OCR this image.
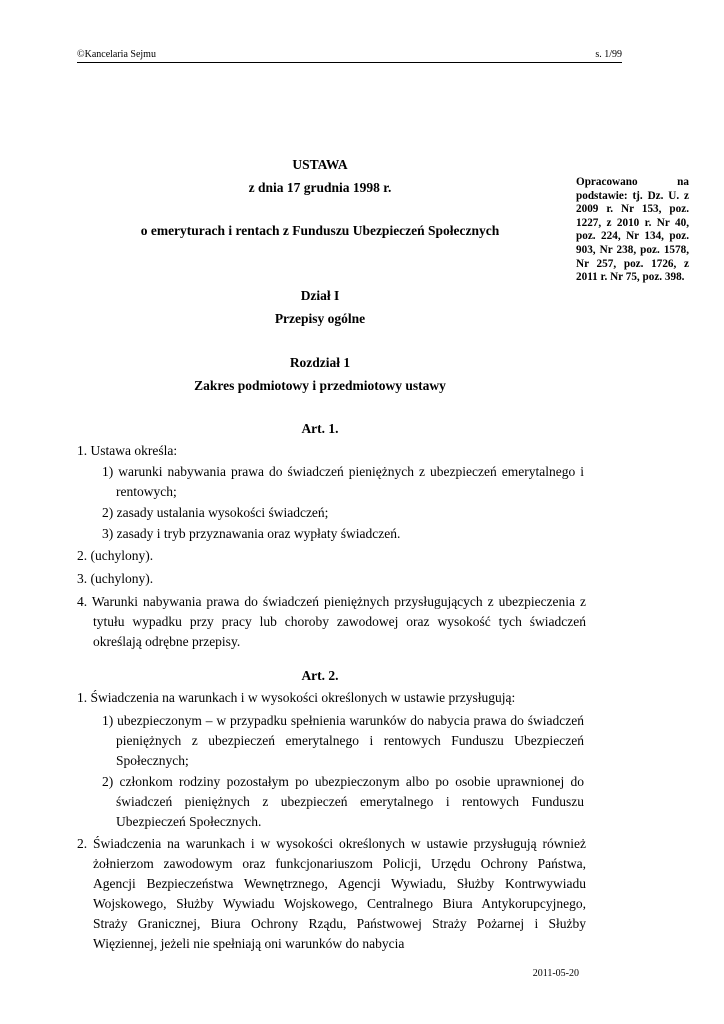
©Kancelaria Sejmu	s. 1/99
USTAWA
z dnia 17 grudnia 1998 r.
o emeryturach i rentach z Funduszu Ubezpieczeń Społecznych
Opracowano na podstawie: tj. Dz. U. z 2009 r. Nr 153, poz. 1227, z 2010 r. Nr 40, poz. 224, Nr 134, poz. 903, Nr 238, poz. 1578, Nr 257, poz. 1726, z 2011 r. Nr 75, poz. 398.
Dział I
Przepisy ogólne
Rozdział 1
Zakres podmiotowy i przedmiotowy ustawy
Art. 1.
1. Ustawa określa:
1) warunki nabywania prawa do świadczeń pieniężnych z ubezpieczeń emerytalnego i rentowych;
2) zasady ustalania wysokości świadczeń;
3) zasady i tryb przyznawania oraz wypłaty świadczeń.
2. (uchylony).
3. (uchylony).
4. Warunki nabywania prawa do świadczeń pieniężnych przysługujących z ubezpieczenia z tytułu wypadku przy pracy lub choroby zawodowej oraz wysokość tych świadczeń określają odrębne przepisy.
Art. 2.
1. Świadczenia na warunkach i w wysokości określonych w ustawie przysługują:
1) ubezpieczonym – w przypadku spełnienia warunków do nabycia prawa do świadczeń pieniężnych z ubezpieczeń emerytalnego i rentowych Funduszu Ubezpieczeń Społecznych;
2) członkom rodziny pozostałym po ubezpieczonym albo po osobie uprawnionej do świadczeń pieniężnych z ubezpieczeń emerytalnego i rentowych Funduszu Ubezpieczeń Społecznych.
2. Świadczenia na warunkach i w wysokości określonych w ustawie przysługują również żołnierzom zawodowym oraz funkcjonariuszom Policji, Urzędu Ochrony Państwa, Agencji Bezpieczeństwa Wewnętrznego, Agencji Wywiadu, Służby Kontrwywiadu Wojskowego, Służby Wywiadu Wojskowego, Centralnego Biura Antykorupcyjnego, Straży Granicznej, Biura Ochrony Rządu, Państwowej Straży Pożarnej i Służby Więziennej, jeżeli nie spełniają oni warunków do nabycia
2011-05-20
